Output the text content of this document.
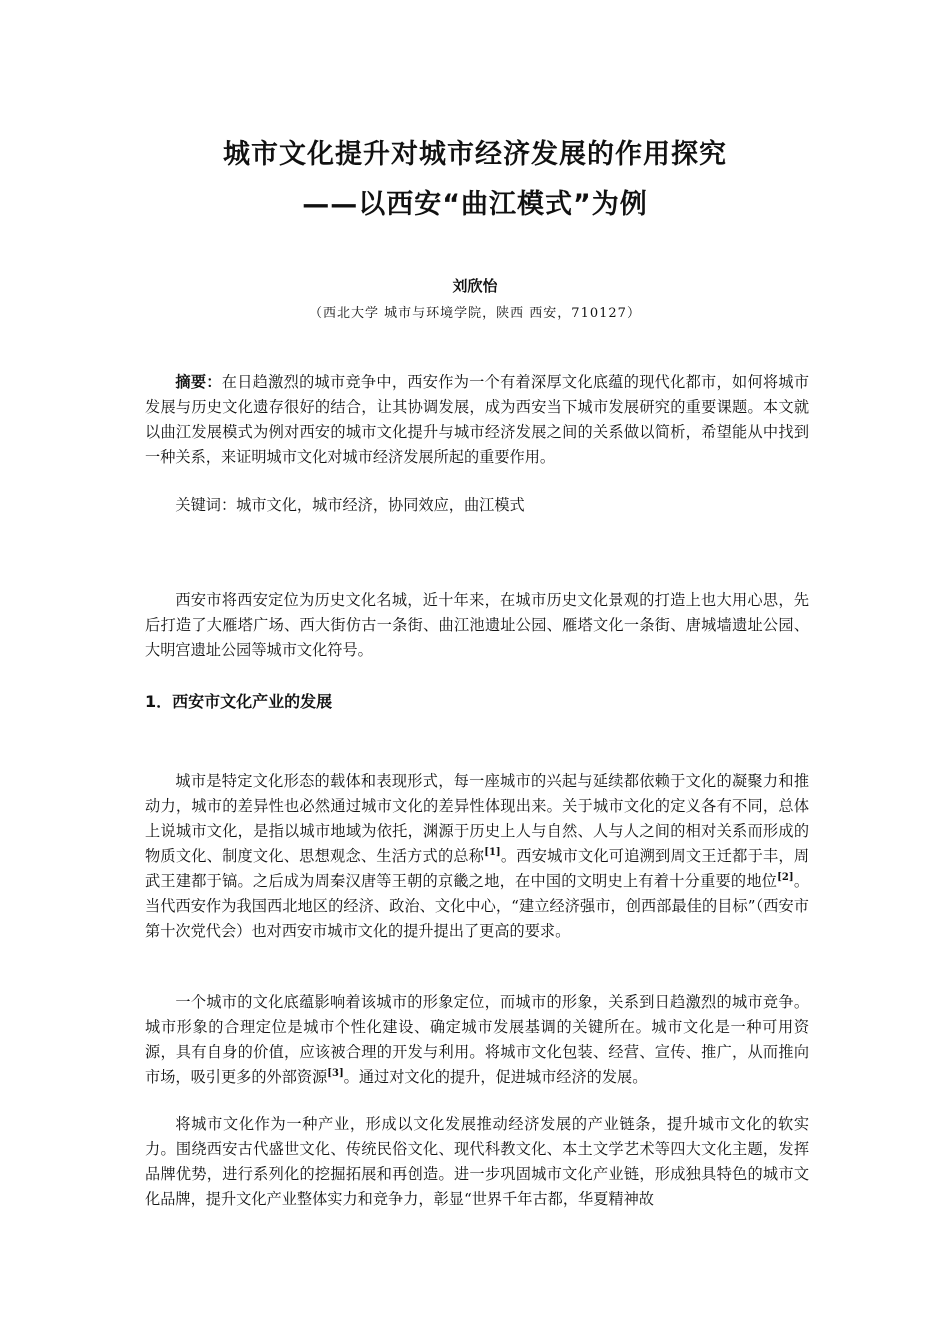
城市文化提升对城市经济发展的作用探究
——以西安“曲江模式”为例
刘欣怡
（西北大学 城市与环境学院，陕西 西安，710127）

摘要：在日趋激烈的城市竞争中，西安作为一个有着深厚文化底蕴的现代化都市，如何将城市发展与历史文化遗存很好的结合，让其协调发展，成为西安当下城市发展研究的重要课题。本文就以曲江发展模式为例对西安的城市文化提升与城市经济发展之间的关系做以简析，希望能从中找到一种关系，来证明城市文化对城市经济发展所起的重要作用。

关键词：城市文化，城市经济，协同效应，曲江模式

西安市将西安定位为历史文化名城，近十年来，在城市历史文化景观的打造上也大用心思，先后打造了大雁塔广场、西大街仿古一条街、曲江池遗址公园、雁塔文化一条街、唐城墙遗址公园、大明宫遗址公园等城市文化符号。

1．西安市文化产业的发展

城市是特定文化形态的载体和表现形式，每一座城市的兴起与延续都依赖于文化的凝聚力和推动力，城市的差异性也必然通过城市文化的差异性体现出来。关于城市文化的定义各有不同，总体上说城市文化，是指以城市地域为依托，渊源于历史上人与自然、人与人之间的相对关系而形成的物质文化、制度文化、思想观念、生活方式的总称[1]。西安城市文化可追溯到周文王迁都于丰，周武王建都于镐。之后成为周秦汉唐等王朝的京畿之地，在中国的文明史上有着十分重要的地位[2]。当代西安作为我国西北地区的经济、政治、文化中心，“建立经济强市，创西部最佳的目标”（西安市第十次党代会）也对西安市城市文化的提升提出了更高的要求。

一个城市的文化底蕴影响着该城市的形象定位，而城市的形象，关系到日趋激烈的城市竞争。城市形象的合理定位是城市个性化建设、确定城市发展基调的关键所在。城市文化是一种可用资源，具有自身的价值，应该被合理的开发与利用。将城市文化包装、经营、宣传、推广，从而推向市场，吸引更多的外部资源[3]。通过对文化的提升，促进城市经济的发展。

将城市文化作为一种产业，形成以文化发展推动经济发展的产业链条，提升城市文化的软实力。围绕西安古代盛世文化、传统民俗文化、现代科教文化、本土文学艺术等四大文化主题，发挥品牌优势，进行系列化的挖掘拓展和再创造。进一步巩固城市文化产业链，形成独具特色的城市文化品牌，提升文化产业整体实力和竞争力，彰显“世界千年古都，华夏精神故
